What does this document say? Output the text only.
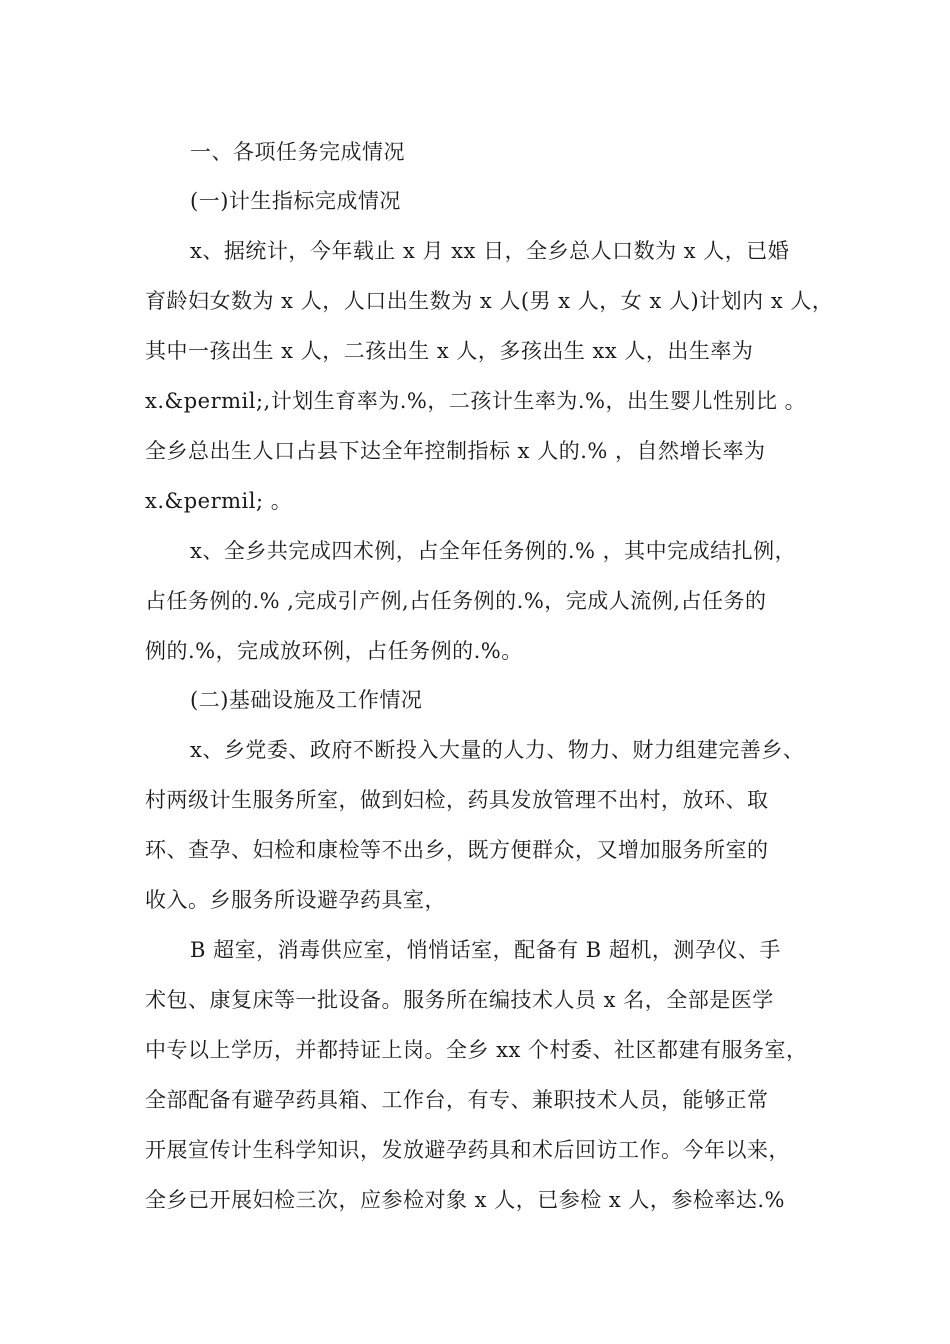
一、各项任务完成情况
(一)计生指标完成情况
x、据统计，今年载止 x 月 xx 日，全乡总人口数为 x 人，已婚
育龄妇女数为 x 人，人口出生数为 x 人(男 x 人，女 x 人)计划内 x 人，
其中一孩出生 x 人，二孩出生 x 人，多孩出生 xx 人，出生率为
x.&permil;,计划生育率为.%，二孩计生率为.%，出生婴儿性别比 。
全乡总出生人口占县下达全年控制指标 x 人的.% ，自然增长率为
x.&permil; 。
x、全乡共完成四术例，占全年任务例的.% ，其中完成结扎例，
占任务例的.% ,完成引产例,占任务例的.%，完成人流例,占任务的
例的.%，完成放环例，占任务例的.%。
(二)基础设施及工作情况
x、乡党委、政府不断投入大量的人力、物力、财力组建完善乡、
村两级计生服务所室，做到妇检，药具发放管理不出村，放环、取
环、查孕、妇检和康检等不出乡，既方便群众，又增加服务所室的
收入。乡服务所设避孕药具室，
B 超室，消毒供应室，悄悄话室，配备有 B 超机，测孕仪、手
术包、康复床等一批设备。服务所在编技术人员 x 名，全部是医学
中专以上学历，并都持证上岗。全乡 xx 个村委、社区都建有服务室，
全部配备有避孕药具箱、工作台，有专、兼职技术人员，能够正常
开展宣传计生科学知识，发放避孕药具和术后回访工作。今年以来，
全乡已开展妇检三次，应参检对象 x 人，已参检 x 人，参检率达.%
